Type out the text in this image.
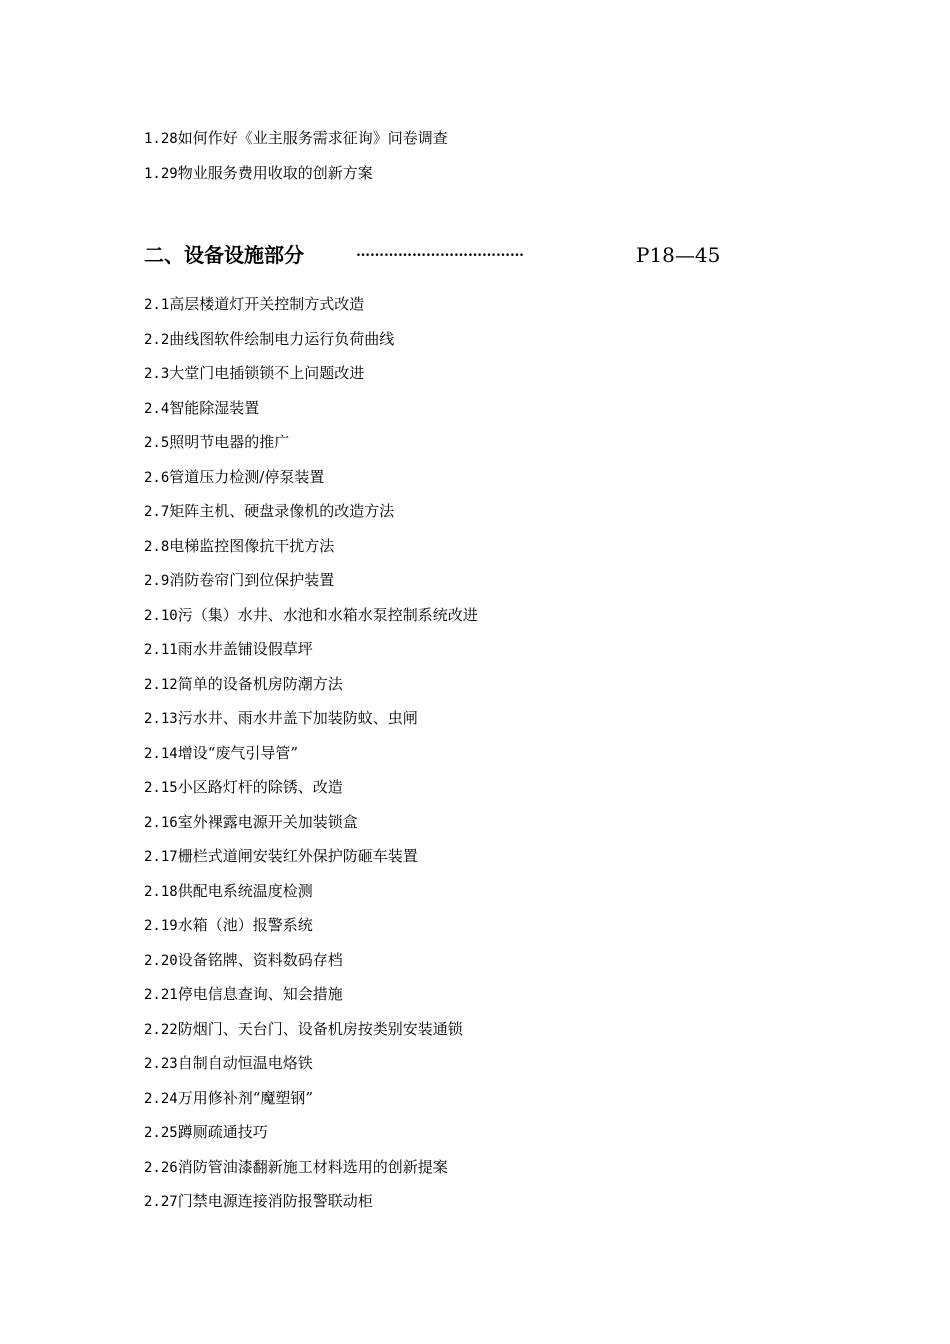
1.28如何作好《业主服务需求征询》问卷调查
1.29物业服务费用收取的创新方案
二、设备设施部分	………………………………	P18—45
2.1高层楼道灯开关控制方式改造
2.2曲线图软件绘制电力运行负荷曲线
2.3大堂门电插锁锁不上问题改进
2.4智能除湿装置
2.5照明节电器的推广
2.6管道压力检测/停泵装置
2.7矩阵主机、硬盘录像机的改造方法
2.8电梯监控图像抗干扰方法
2.9消防卷帘门到位保护装置
2.10污（集）水井、水池和水箱水泵控制系统改进
2.11雨水井盖铺设假草坪
2.12简单的设备机房防潮方法
2.13污水井、雨水井盖下加装防蚊、虫闸
2.14增设“废气引导管”
2.15小区路灯杆的除锈、改造
2.16室外裸露电源开关加装锁盒
2.17栅栏式道闸安装红外保护防砸车装置
2.18供配电系统温度检测
2.19水箱（池）报警系统
2.20设备铭牌、资料数码存档
2.21停电信息查询、知会措施
2.22防烟门、天台门、设备机房按类别安装通锁
2.23自制自动恒温电烙铁
2.24万用修补剂“魔塑钢”
2.25蹲厕疏通技巧
2.26消防管油漆翻新施工材料选用的创新提案
2.27门禁电源连接消防报警联动柜
